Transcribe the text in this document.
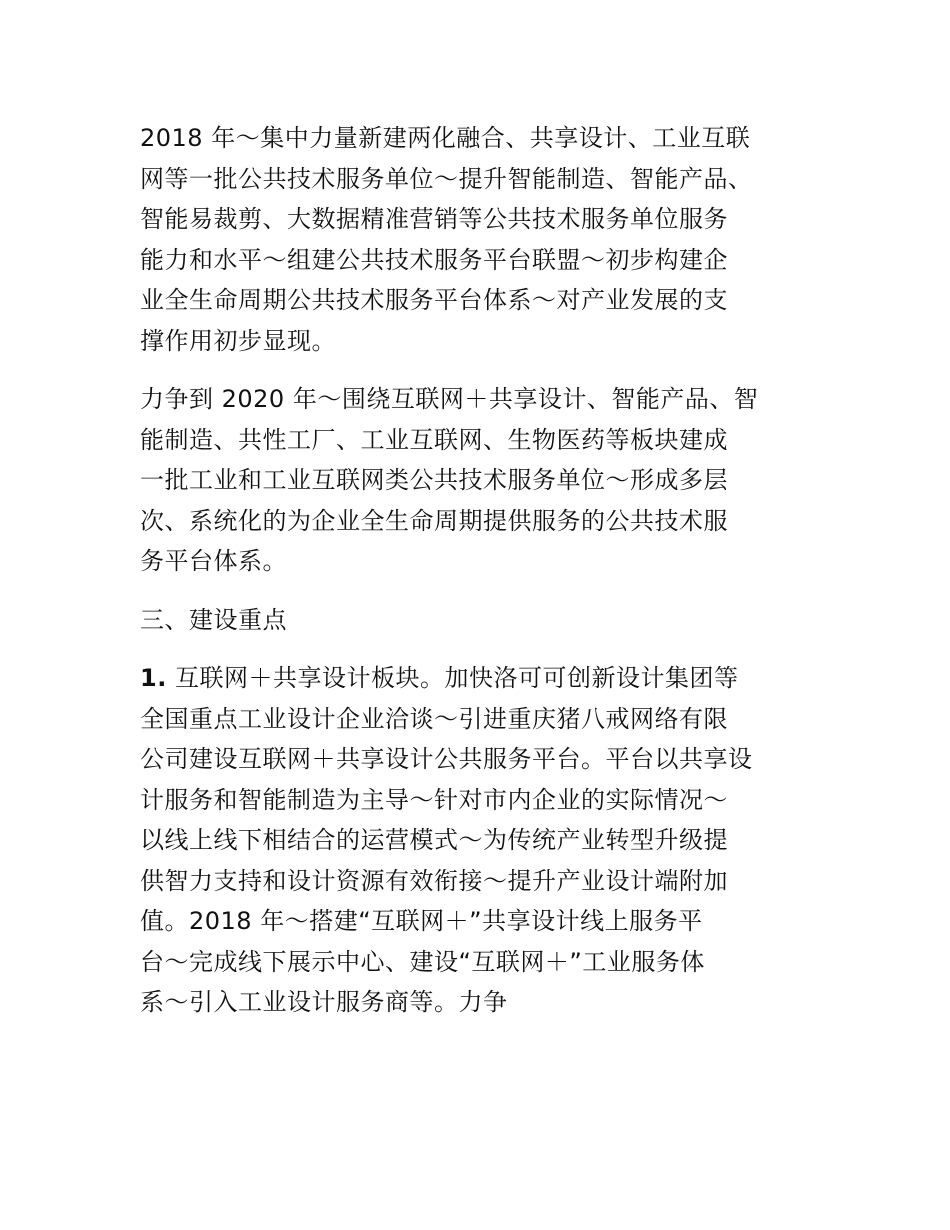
2018 年～集中力量新建两化融合、共享设计、工业互联
网等一批公共技术服务单位～提升智能制造、智能产品、
智能易裁剪、大数据精准营销等公共技术服务单位服务
能力和水平～组建公共技术服务平台联盟～初步构建企
业全生命周期公共技术服务平台体系～对产业发展的支
撑作用初步显现。
力争到 2020 年～围绕互联网＋共享设计、智能产品、智
能制造、共性工厂、工业互联网、生物医药等板块建成
一批工业和工业互联网类公共技术服务单位～形成多层
次、系统化的为企业全生命周期提供服务的公共技术服
务平台体系。
三、建设重点
1. 互联网＋共享设计板块。加快洛可可创新设计集团等
全国重点工业设计企业洽谈～引进重庆猪八戒网络有限
公司建设互联网＋共享设计公共服务平台。平台以共享设
计服务和智能制造为主导～针对市内企业的实际情况～
以线上线下相结合的运营模式～为传统产业转型升级提
供智力支持和设计资源有效衔接～提升产业设计端附加
值。2018 年～搭建“互联网＋”共享设计线上服务平
台～完成线下展示中心、建设“互联网＋”工业服务体
系～引入工业设计服务商等。力争
